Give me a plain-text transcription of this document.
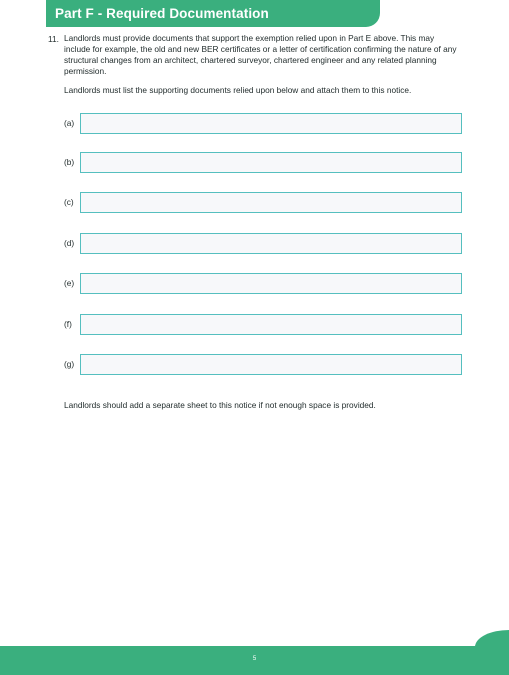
Part F - Required Documentation
11. Landlords must provide documents that support the exemption relied upon in Part E above. This may include for example, the old and new BER certificates or a letter of certification confirming the nature of any structural changes from an architect, chartered surveyor, chartered engineer and any related planning permission.
Landlords must list the supporting documents relied upon below and attach them to this notice.
(a)
(b)
(c)
(d)
(e)
(f)
(g)
Landlords should add a separate sheet to this notice if not enough space is provided.
5
